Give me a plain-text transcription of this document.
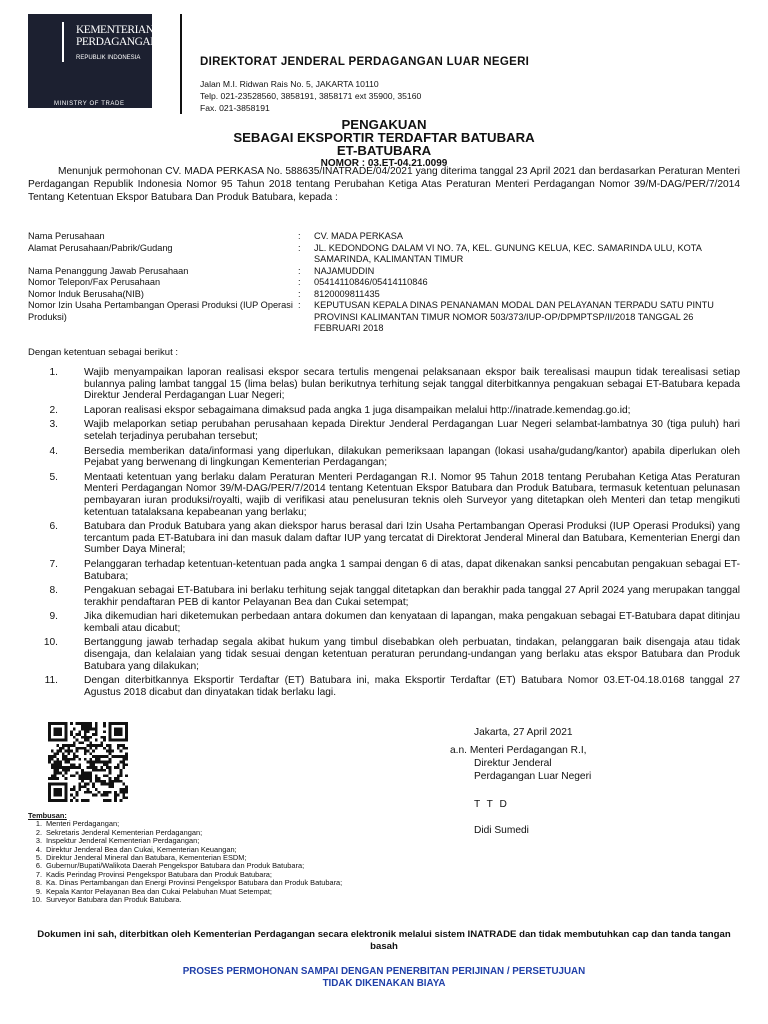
KEMENTERIAN
PERDAGANGAN
REPUBLIK INDONESIA
MINISTRY OF TRADE
DIREKTORAT JENDERAL PERDAGANGAN LUAR NEGERI
Jalan M.I. Ridwan Rais No. 5, JAKARTA 10110
Telp. 021-23528560, 3858191, 3858171 ext 35900, 35160
Fax. 021-3858191
PENGAKUAN
SEBAGAI EKSPORTIR TERDAFTAR BATUBARA
ET-BATUBARA
NOMOR : 03.ET-04.21.0099
Menunjuk permohonan CV. MADA PERKASA No. 588635/INATRADE/04/2021 yang diterima tanggal 23 April 2021 dan berdasarkan Peraturan Menteri Perdagangan Republik Indonesia Nomor 95 Tahun 2018 tentang Perubahan Ketiga Atas Peraturan Menteri Perdagangan Nomor 39/M-DAG/PER/7/2014 Tentang Ketentuan Ekspor Batubara Dan Produk Batubara, kepada :
Nama Perusahaan	:	CV. MADA PERKASA
Alamat Perusahaan/Pabrik/Gudang	:	JL. KEDONDONG DALAM VI NO. 7A, KEL. GUNUNG KELUA, KEC. SAMARINDA ULU, KOTA SAMARINDA, KALIMANTAN TIMUR
Nama Penanggung Jawab Perusahaan	:	NAJAMUDDIN
Nomor Telepon/Fax Perusahaan	:	05414110846/05414110846
Nomor Induk Berusaha(NIB)	:	8120009811435
Nomor Izin Usaha Pertambangan Operasi Produksi (IUP Operasi Produksi)
:	KEPUTUSAN KEPALA DINAS PENANAMAN MODAL DAN PELAYANAN TERPADU SATU PINTU PROVINSI KALIMANTAN TIMUR NOMOR 503/373/IUP-OP/DPMPTSP/II/2018 TANGGAL 26 FEBRUARI 2018
Dengan ketentuan sebagai berikut :
1.	Wajib menyampaikan laporan realisasi ekspor secara tertulis mengenai pelaksanaan ekspor baik terealisasi maupun tidak terealisasi setiap bulannya paling lambat tanggal 15 (lima belas) bulan berikutnya terhitung sejak tanggal diterbitkannya pengakuan sebagai ET-Batubara kepada Direktur Jenderal Perdagangan Luar Negeri;
2.	Laporan realisasi ekspor sebagaimana dimaksud pada angka 1 juga disampaikan melalui http://inatrade.kemendag.go.id;
3.	Wajib melaporkan setiap perubahan perusahaan kepada Direktur Jenderal Perdagangan Luar Negeri selambat-lambatnya 30 (tiga puluh) hari setelah terjadinya perubahan tersebut;
4.	Bersedia memberikan data/informasi yang diperlukan, dilakukan pemeriksaan lapangan (lokasi usaha/gudang/kantor) apabila diperlukan oleh Pejabat yang berwenang di lingkungan Kementerian Perdagangan;
5.	Mentaati ketentuan yang berlaku dalam Peraturan Menteri Perdagangan R.I. Nomor 95 Tahun 2018 tentang Perubahan Ketiga Atas Peraturan Menteri Perdagangan Nomor 39/M-DAG/PER/7/2014 tentang Ketentuan Ekspor Batubara dan Produk Batubara, termasuk ketentuan pelunasan pembayaran iuran produksi/royalti, wajib di verifikasi atau penelusuran teknis oleh Surveyor yang ditetapkan oleh Menteri dan tetap mengikuti ketentuan tatalaksana kepabeanan yang berlaku;
6.	Batubara dan Produk Batubara yang akan diekspor harus berasal dari Izin Usaha Pertambangan Operasi Produksi (IUP Operasi Produksi) yang tercantum pada ET-Batubara ini dan masuk dalam daftar IUP yang tercatat di Direktorat Jenderal Mineral dan Batubara, Kementerian Energi dan Sumber Daya Mineral;
7.	Pelanggaran terhadap ketentuan-ketentuan pada angka 1 sampai dengan 6 di atas, dapat dikenakan sanksi pencabutan pengakuan sebagai ET-Batubara;
8.	Pengakuan sebagai ET-Batubara ini berlaku terhitung sejak tanggal ditetapkan dan berakhir pada tanggal 27 April 2024 yang merupakan tanggal terakhir pendaftaran PEB di kantor Pelayanan Bea dan Cukai setempat;
9.	Jika dikemudian hari diketemukan perbedaan antara dokumen dan kenyataan di lapangan, maka pengakuan sebagai ET-Batubara dapat ditinjau kembali atau dicabut;
10.	Bertanggung jawab terhadap segala akibat hukum yang timbul disebabkan oleh perbuatan, tindakan, pelanggaran baik disengaja atau tidak disengaja, dan kelalaian yang tidak sesuai dengan ketentuan peraturan perundang-undangan yang berlaku atas ekspor Batubara dan Produk Batubara yang dilakukan;
11.	Dengan diterbitkannya Eksportir Terdaftar (ET) Batubara ini, maka Eksportir Terdaftar (ET) Batubara Nomor 03.ET-04.18.0168 tanggal 27 Agustus 2018 dicabut dan dinyatakan tidak berlaku lagi.
Jakarta, 27 April 2021
a.n. Menteri Perdagangan R.I,
Direktur Jenderal
Perdagangan Luar Negeri
T T D
Didi Sumedi
Tembusan:
1. Menteri Perdagangan;
2. Sekretaris Jenderal Kementerian Perdagangan;
3. Inspektur Jenderal Kementerian Perdagangan;
4. Direktur Jenderal Bea dan Cukai, Kementerian Keuangan;
5. Direktur Jenderal Mineral dan Batubara, Kementerian ESDM;
6. Gubernur/Bupati/Walikota Daerah Pengekspor Batubara dan Produk Batubara;
7. Kadis Perindag Provinsi Pengekspor Batubara dan Produk Batubara;
8. Ka. Dinas Pertambangan dan Energi Provinsi Pengekspor Batubara dan Produk Batubara;
9. Kepala Kantor Pelayanan Bea dan Cukai Pelabuhan Muat Setempat;
10. Surveyor Batubara dan Produk Batubara.
Dokumen ini sah, diterbitkan oleh Kementerian Perdagangan secara elektronik melalui sistem INATRADE dan tidak membutuhkan cap dan tanda tangan basah
PROSES PERMOHONAN SAMPAI DENGAN PENERBITAN PERIJINAN / PERSETUJUAN
TIDAK DIKENAKAN BIAYA
